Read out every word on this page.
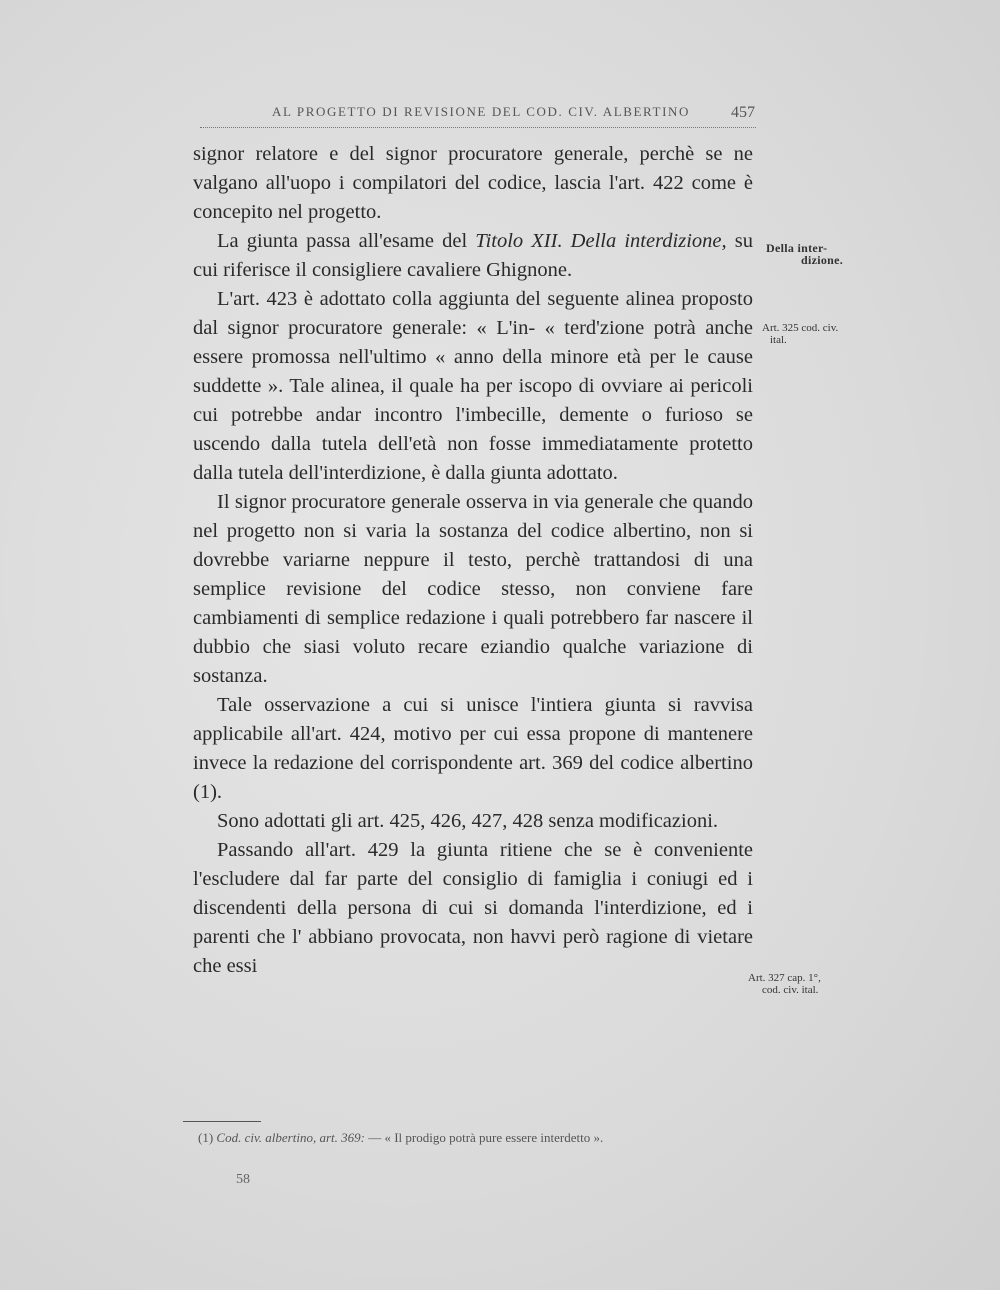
AL PROGETTO DI REVISIONE DEL COD. CIV. ALBERTINO	457

signor relatore e del signor procuratore generale, perchè se ne valgano all'uopo i compilatori del codice, lascia l'art. 422 come è concepito nel progetto.

La giunta passa all'esame del Titolo XII. Della interdizione, su cui riferisce il consigliere cavaliere Ghignone.

L'art. 423 è adottato colla aggiunta del seguente alinea proposto dal signor procuratore generale: « L'in- « terd'zione potrà anche essere promossa nell'ultimo « anno della minore età per le cause suddette ». Tale alinea, il quale ha per iscopo di ovviare ai pericoli cui potrebbe andar incontro l'imbecille, demente o furioso se uscendo dalla tutela dell'età non fosse immediatamente protetto dalla tutela dell'interdizione, è dalla giunta adottato.

Il signor procuratore generale osserva in via generale che quando nel progetto non si varia la sostanza del codice albertino, non si dovrebbe variarne neppure il testo, perchè trattandosi di una semplice revisione del codice stesso, non conviene fare cambiamenti di semplice redazione i quali potrebbero far nascere il dubbio che siasi voluto recare eziandio qualche variazione di sostanza.

Tale osservazione a cui si unisce l'intiera giunta si ravvisa applicabile all'art. 424, motivo per cui essa propone di mantenere invece la redazione del corrispondente art. 369 del codice albertino (1).

Sono adottati gli art. 425, 426, 427, 428 senza modificazioni.

Passando all'art. 429 la giunta ritiene che se è conveniente l'escludere dal far parte del consiglio di famiglia i coniugi ed i discendenti della persona di cui si domanda l'interdizione, ed i parenti che l' abbiano provocata, non havvi però ragione di vietare che essi

Della inter-
dizione.
Art. 325 cod. civ.
ital.
Art. 327 cap. 1°,
cod. civ. ital.
(1) Cod. civ. albertino, art. 369: — « Il prodigo potrà pure essere interdetto ».
58
